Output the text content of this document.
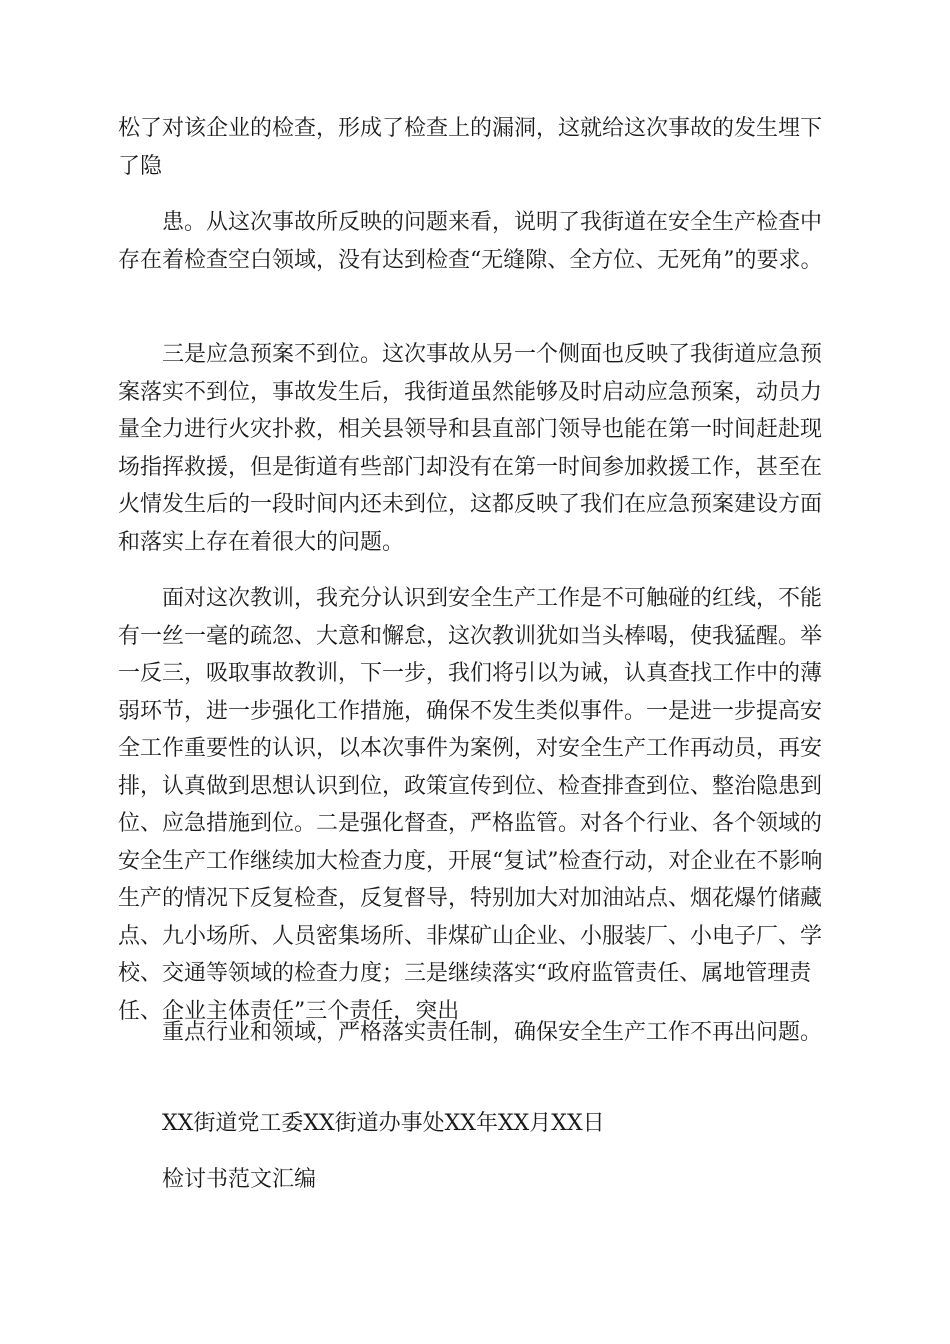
松了对该企业的检查，形成了检查上的漏洞，这就给这次事故的发生埋下了隐

患。从这次事故所反映的问题来看，说明了我街道在安全生产检查中存在着检查空白领域，没有达到检查“无缝隙、全方位、无死角”的要求。

三是应急预案不到位。这次事故从另一个侧面也反映了我街道应急预案落实不到位，事故发生后，我街道虽然能够及时启动应急预案，动员力量全力进行火灾扑救，相关县领导和县直部门领导也能在第一时间赶赴现场指挥救援，但是街道有些部门却没有在第一时间参加救援工作，甚至在火情发生后的一段时间内还未到位，这都反映了我们在应急预案建设方面和落实上存在着很大的问题。

面对这次教训，我充分认识到安全生产工作是不可触碰的红线，不能有一丝一毫的疏忽、大意和懈怠，这次教训犹如当头棒喝，使我猛醒。举一反三，吸取事故教训，下一步，我们将引以为诫，认真查找工作中的薄弱环节，进一步强化工作措施，确保不发生类似事件。一是进一步提高安全工作重要性的认识，以本次事件为案例，对安全生产工作再动员，再安排，认真做到思想认识到位，政策宣传到位、检查排查到位、整治隐患到位、应急措施到位。二是强化督查，严格监管。对各个行业、各个领域的安全生产工作继续加大检查力度，开展“复试”检查行动，对企业在不影响生产的情况下反复检查，反复督导，特别加大对加油站点、烟花爆竹储藏点、九小场所、人员密集场所、非煤矿山企业、小服装厂、小电子厂、学校、交通等领域的检查力度；三是继续落实“政府监管责任、属地管理责任、企业主体责任”三个责任，突出

重点行业和领域，严格落实责任制，确保安全生产工作不再出问题。

XX街道党工委XX街道办事处XX年XX月XX日

检讨书范文汇编
